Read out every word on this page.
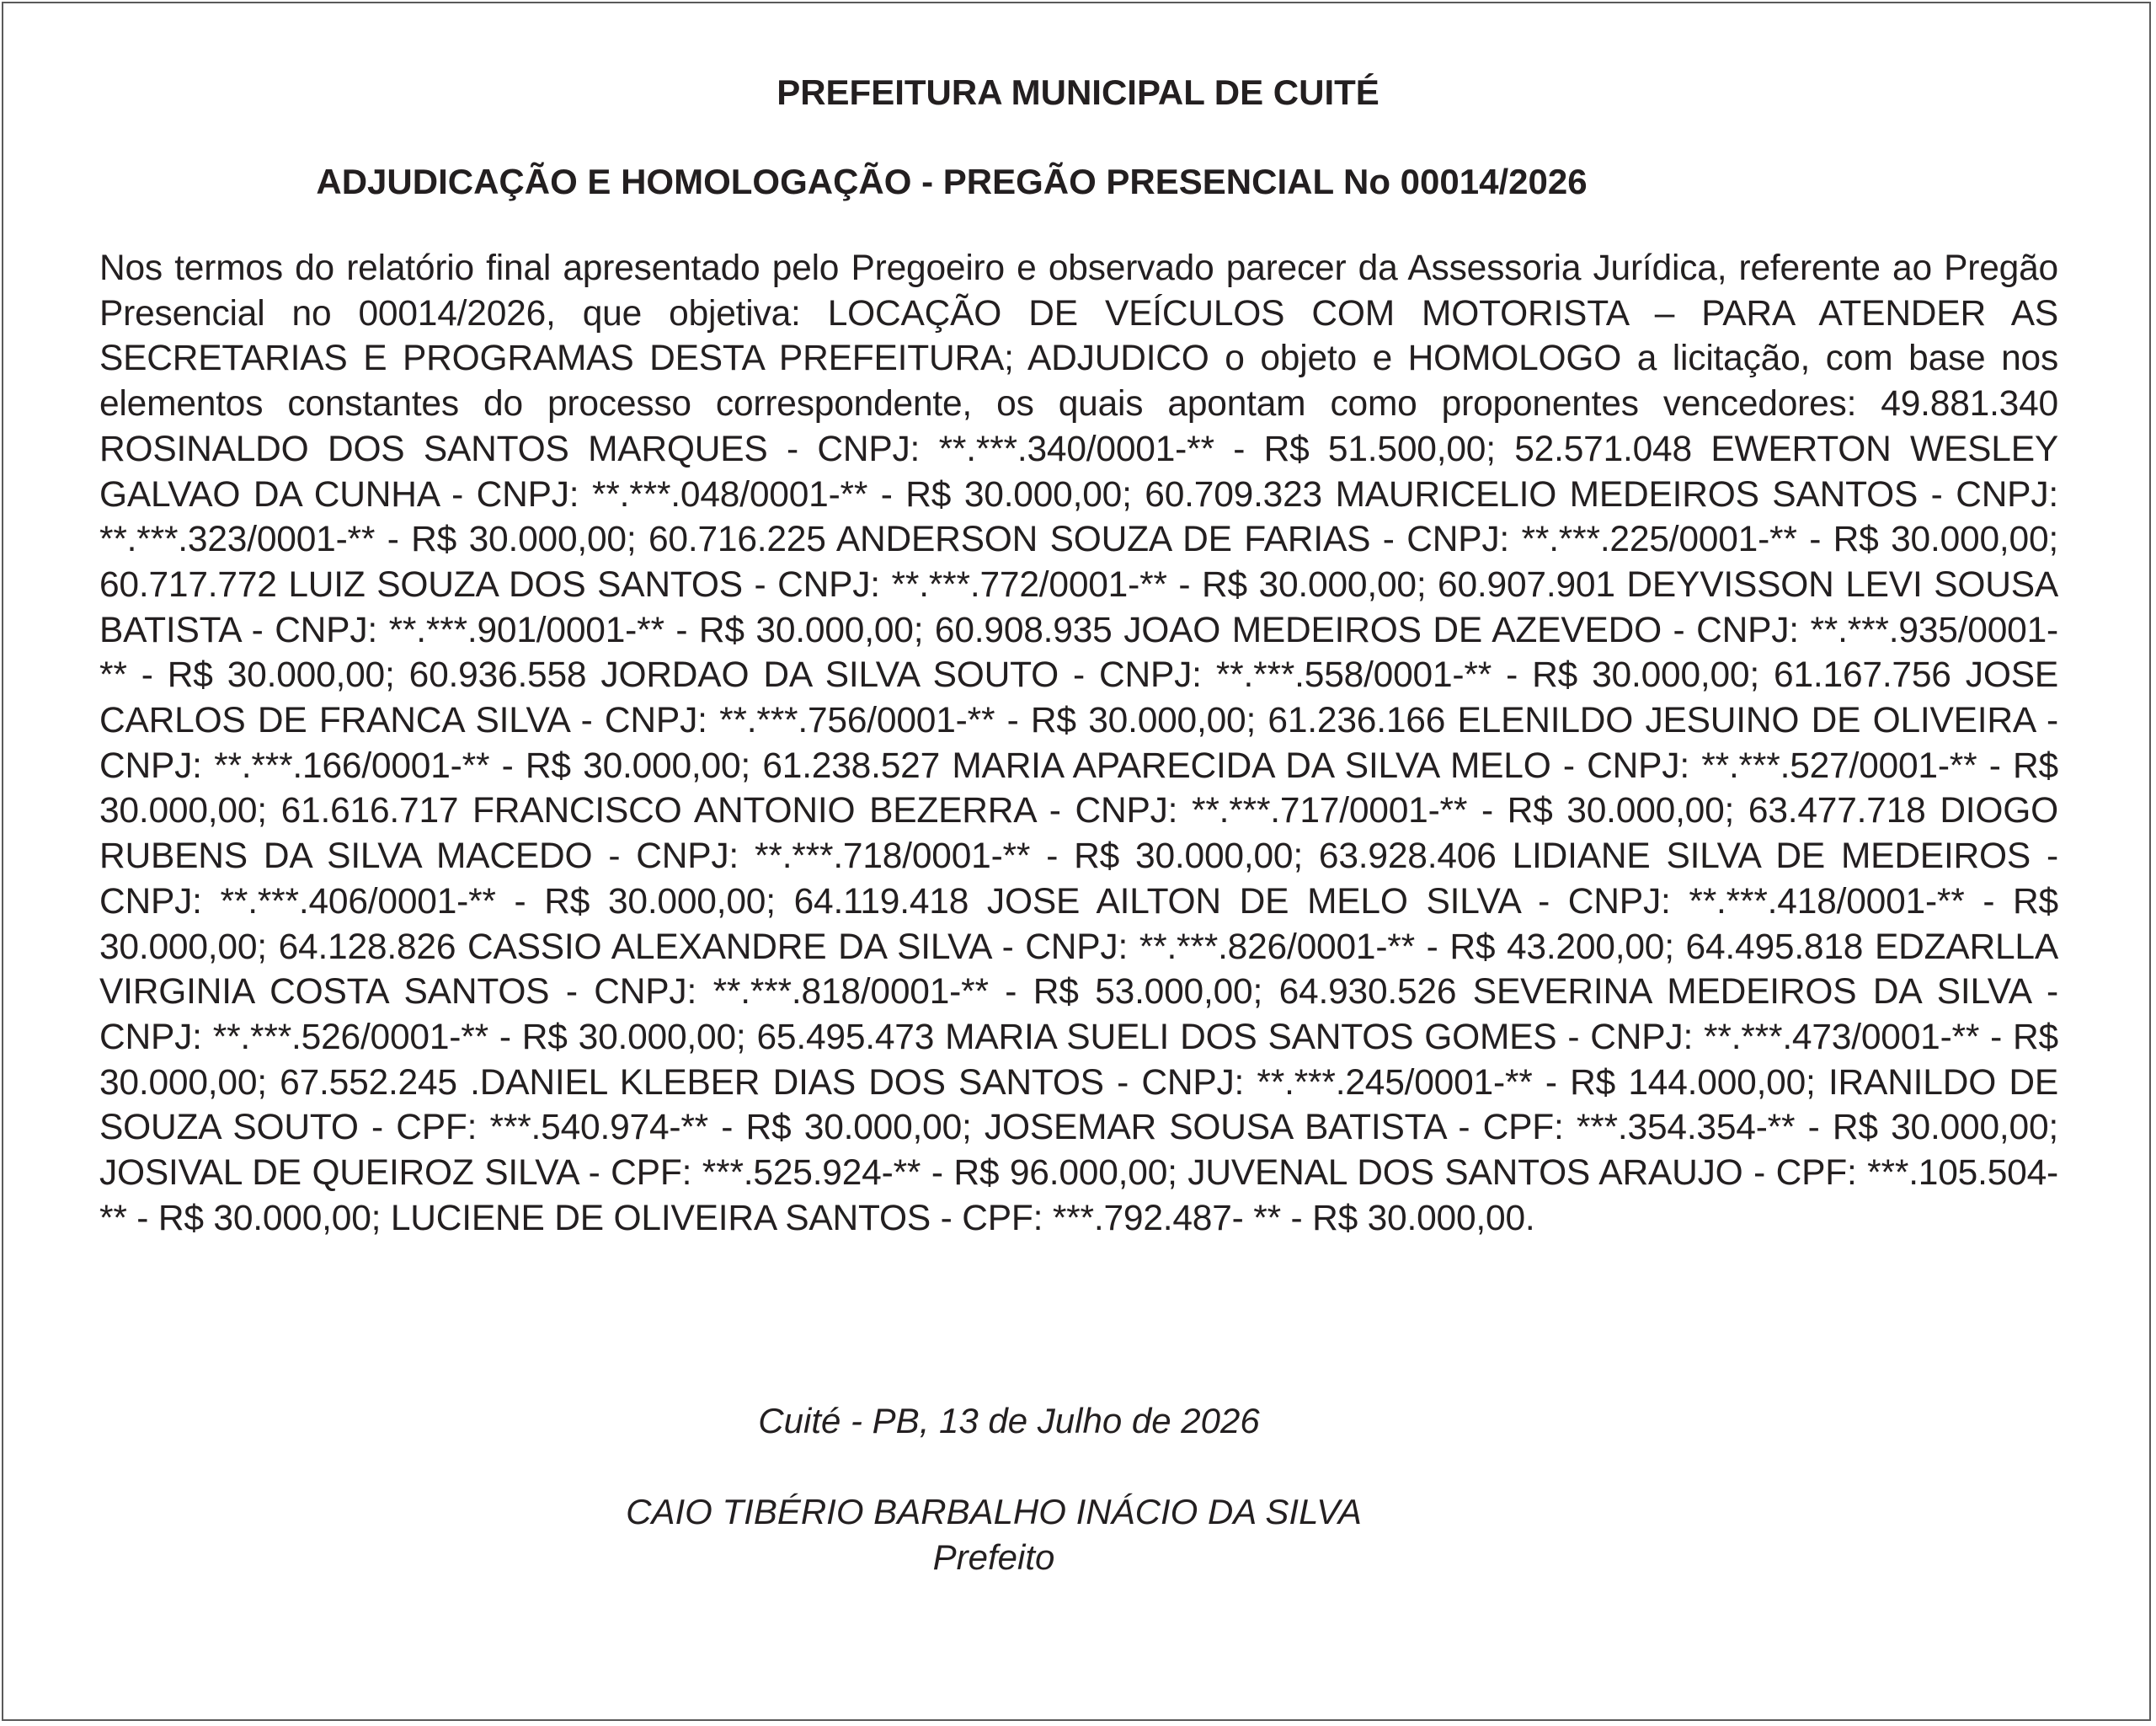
PREFEITURA MUNICIPAL DE CUITÉ
ADJUDICAÇÃO E HOMOLOGAÇÃO - PREGÃO PRESENCIAL No 00014/2026

Nos termos do relatório final apresentado pelo Pregoeiro e observado parecer da Assessoria Jurídica, referente ao Pregão Presencial no 00014/2026, que objetiva: LOCAÇÃO DE VEÍCULOS COM MOTORISTA – PARA ATENDER AS SECRETARIAS E PROGRAMAS DESTA PREFEITURA; ADJUDICO o objeto e HOMOLOGO a licitação, com base nos elementos constantes do processo correspondente, os quais apontam como proponentes vencedores: 49.881.340 ROSINALDO DOS SANTOS MARQUES - CNPJ: **.***.340/0001-** - R$ 51.500,00; 52.571.048 EWERTON WESLEY GALVAO DA CUNHA - CNPJ: **.***.048/0001-** - R$ 30.000,00; 60.709.323 MAURICELIO MEDEIROS SANTOS - CNPJ: **.***.323/0001-** - R$ 30.000,00; 60.716.225 ANDERSON SOUZA DE FARIAS - CNPJ: **.***.225/0001-** - R$ 30.000,00; 60.717.772 LUIZ SOUZA DOS SANTOS - CNPJ: **.***.772/0001-** - R$ 30.000,00; 60.907.901 DEYVISSON LEVI SOUSA BATISTA - CNPJ: **.***.901/0001-** - R$ 30.000,00; 60.908.935 JOAO MEDEIROS DE AZEVEDO - CNPJ: **.***.935/0001-** - R$ 30.000,00; 60.936.558 JORDAO DA SILVA SOUTO - CNPJ: **.***.558/0001-** - R$ 30.000,00; 61.167.756 JOSE CARLOS DE FRANCA SILVA - CNPJ: **.***.756/0001-** - R$ 30.000,00; 61.236.166 ELENILDO JESUINO DE OLIVEIRA - CNPJ: **.***.166/0001-** - R$ 30.000,00; 61.238.527 MARIA APARECIDA DA SILVA MELO - CNPJ: **.***.527/0001-** - R$ 30.000,00; 61.616.717 FRANCISCO ANTONIO BEZERRA - CNPJ: **.***.717/0001-** - R$ 30.000,00; 63.477.718 DIOGO RUBENS DA SILVA MACEDO - CNPJ: **.***.718/0001-** - R$ 30.000,00; 63.928.406 LIDIANE SILVA DE MEDEIROS - CNPJ: **.***.406/0001-** - R$ 30.000,00; 64.119.418 JOSE AILTON DE MELO SILVA - CNPJ: **.***.418/0001-** - R$ 30.000,00; 64.128.826 CASSIO ALEXANDRE DA SILVA - CNPJ: **.***.826/0001-** - R$ 43.200,00; 64.495.818 EDZARLLA VIRGINIA COSTA SANTOS - CNPJ: **.***.818/0001-** - R$ 53.000,00; 64.930.526 SEVERINA MEDEIROS DA SILVA - CNPJ: **.***.526/0001-** - R$ 30.000,00; 65.495.473 MARIA SUELI DOS SANTOS GOMES - CNPJ: **.***.473/0001-** - R$ 30.000,00; 67.552.245 .DANIEL KLEBER DIAS DOS SANTOS - CNPJ: **.***.245/0001-** - R$ 144.000,00; IRANILDO DE SOUZA SOUTO - CPF: ***.540.974-** - R$ 30.000,00; JOSEMAR SOUSA BATISTA - CPF: ***.354.354-** - R$ 30.000,00; JOSIVAL DE QUEIROZ SILVA - CPF: ***.525.924-** - R$ 96.000,00; JUVENAL DOS SANTOS ARAUJO - CPF: ***.105.504-** - R$ 30.000,00; LUCIENE DE OLIVEIRA SANTOS - CPF: ***.792.487- ** - R$ 30.000,00.

Cuité - PB, 13 de Julho de 2026

CAIO TIBÉRIO BARBALHO INÁCIO DA SILVA

Prefeito
